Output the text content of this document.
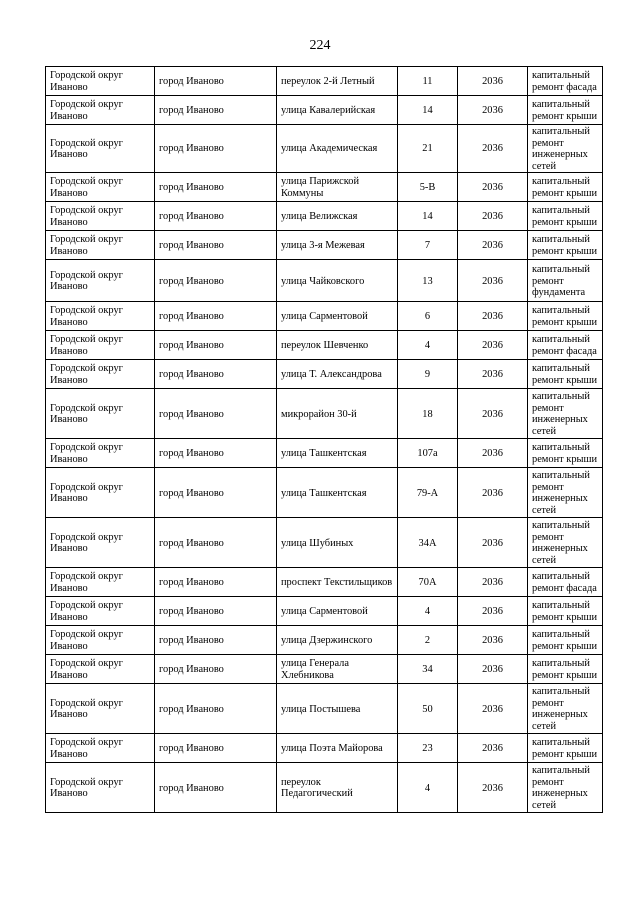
224
Городской округ Иваново	город Иваново	переулок 2-й Летный	11	2036	капитальный ремонт фасада
Городской округ Иваново	город Иваново	улица Кавалерийская	14	2036	капитальный ремонт крыши
Городской округ Иваново	город Иваново	улица Академическая	21	2036	капитальный ремонт инженерных сетей
Городской округ Иваново	город Иваново	улица Парижской Коммуны	5-В	2036	капитальный ремонт крыши
Городской округ Иваново	город Иваново	улица Велижская	14	2036	капитальный ремонт крыши
Городской округ Иваново	город Иваново	улица 3-я Межевая	7	2036	капитальный ремонт крыши
Городской округ Иваново	город Иваново	улица Чайковского	13	2036	капитальный ремонт фундамента
Городской округ Иваново	город Иваново	улица Сарментовой	6	2036	капитальный ремонт крыши
Городской округ Иваново	город Иваново	переулок Шевченко	4	2036	капитальный ремонт фасада
Городской округ Иваново	город Иваново	улица Т. Александрова	9	2036	капитальный ремонт крыши
Городской округ Иваново	город Иваново	микрорайон 30-й	18	2036	капитальный ремонт инженерных сетей
Городской округ Иваново	город Иваново	улица Ташкентская	107а	2036	капитальный ремонт крыши
Городской округ Иваново	город Иваново	улица Ташкентская	79-А	2036	капитальный ремонт инженерных сетей
Городской округ Иваново	город Иваново	улица Шубиных	34А	2036	капитальный ремонт инженерных сетей
Городской округ Иваново	город Иваново	проспект Текстильщиков	70А	2036	капитальный ремонт фасада
Городской округ Иваново	город Иваново	улица Сарментовой	4	2036	капитальный ремонт крыши
Городской округ Иваново	город Иваново	улица Дзержинского	2	2036	капитальный ремонт крыши
Городской округ Иваново	город Иваново	улица Генерала Хлебникова	34	2036	капитальный ремонт крыши
Городской округ Иваново	город Иваново	улица Постышева	50	2036	капитальный ремонт инженерных сетей
Городской округ Иваново	город Иваново	улица Поэта Майорова	23	2036	капитальный ремонт крыши
Городской округ Иваново	город Иваново	переулок Педагогический	4	2036	капитальный ремонт инженерных сетей
